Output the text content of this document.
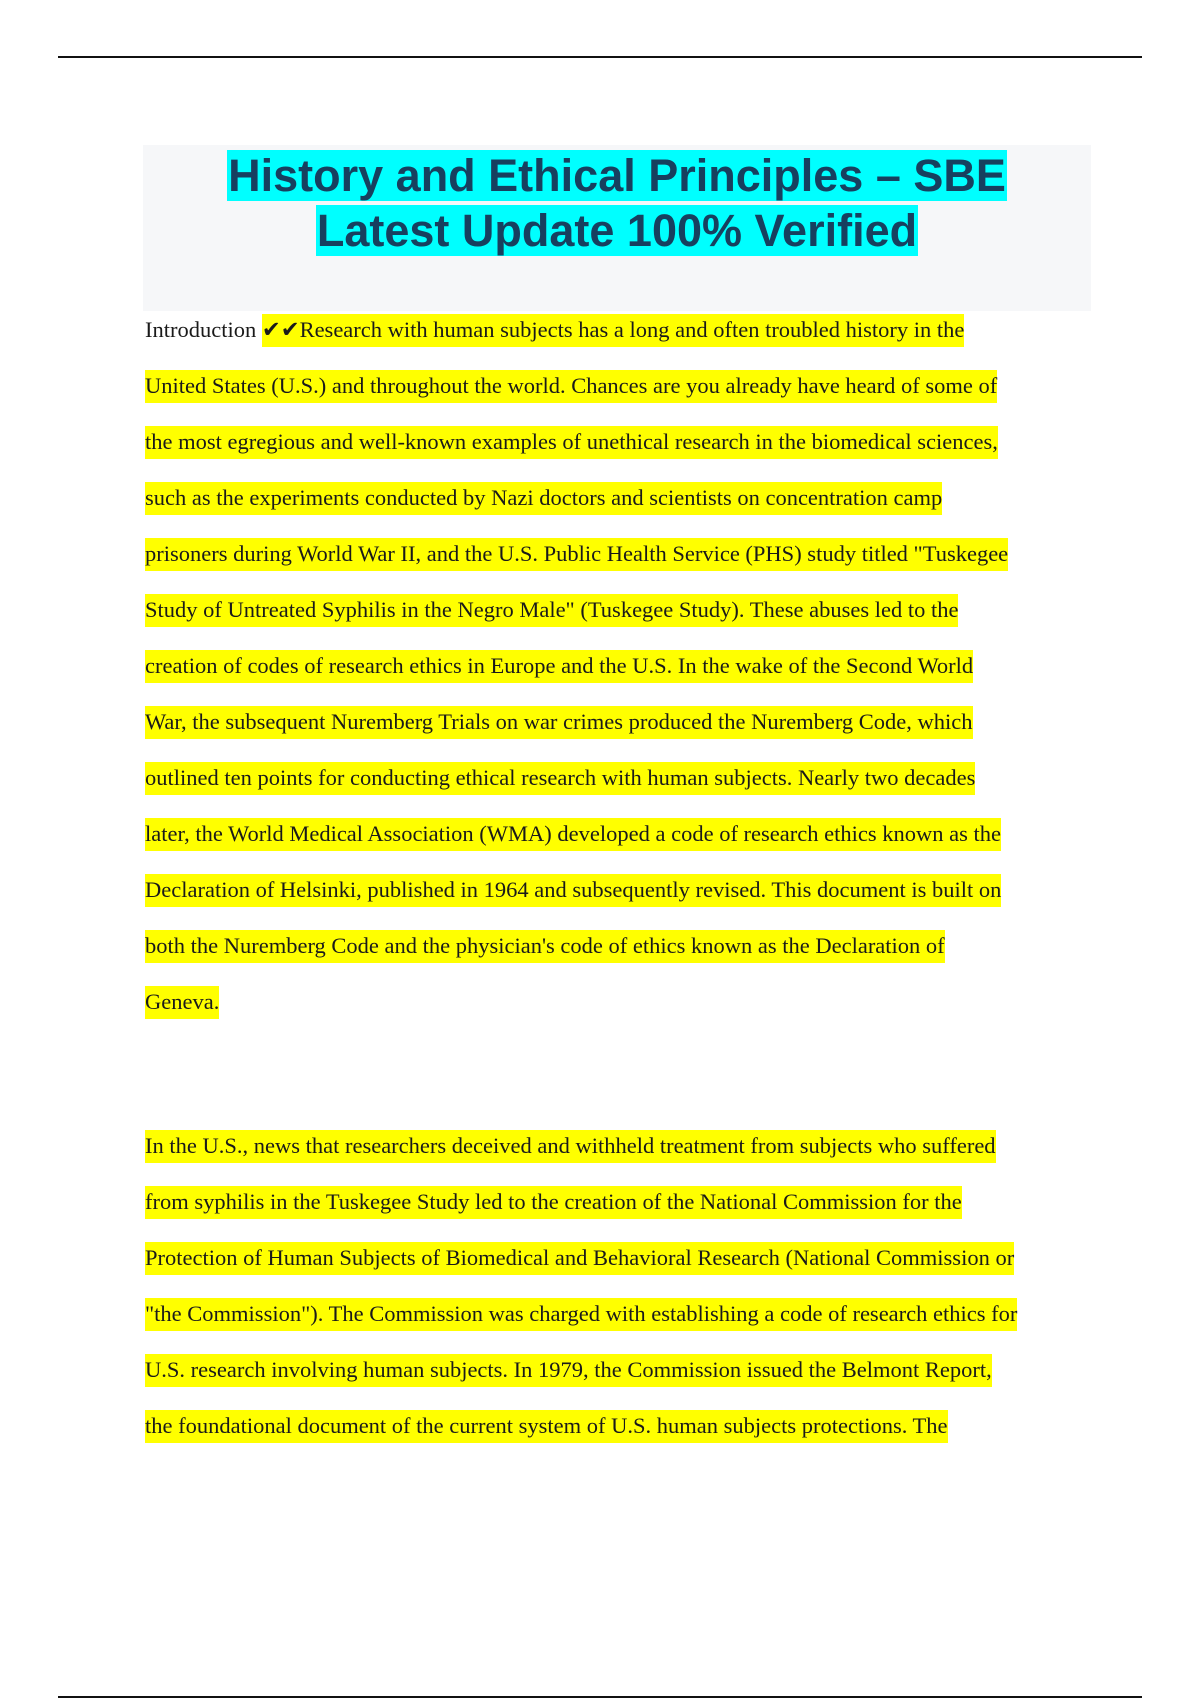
History and Ethical Principles – SBE

Latest Update 100% Verified

Introduction ✔✔Research with human subjects has a long and often troubled history in the
United States (U.S.) and throughout the world. Chances are you already have heard of some of
the most egregious and well-known examples of unethical research in the biomedical sciences,
such as the experiments conducted by Nazi doctors and scientists on concentration camp
prisoners during World War II, and the U.S. Public Health Service (PHS) study titled "Tuskegee
Study of Untreated Syphilis in the Negro Male" (Tuskegee Study). These abuses led to the
creation of codes of research ethics in Europe and the U.S. In the wake of the Second World
War, the subsequent Nuremberg Trials on war crimes produced the Nuremberg Code, which
outlined ten points for conducting ethical research with human subjects. Nearly two decades
later, the World Medical Association (WMA) developed a code of research ethics known as the
Declaration of Helsinki, published in 1964 and subsequently revised. This document is built on
both the Nuremberg Code and the physician's code of ethics known as the Declaration of
Geneva.
In the U.S., news that researchers deceived and withheld treatment from subjects who suffered
from syphilis in the Tuskegee Study led to the creation of the National Commission for the
Protection of Human Subjects of Biomedical and Behavioral Research (National Commission or
"the Commission"). The Commission was charged with establishing a code of research ethics for
U.S. research involving human subjects. In 1979, the Commission issued the Belmont Report,
the foundational document of the current system of U.S. human subjects protections. The
